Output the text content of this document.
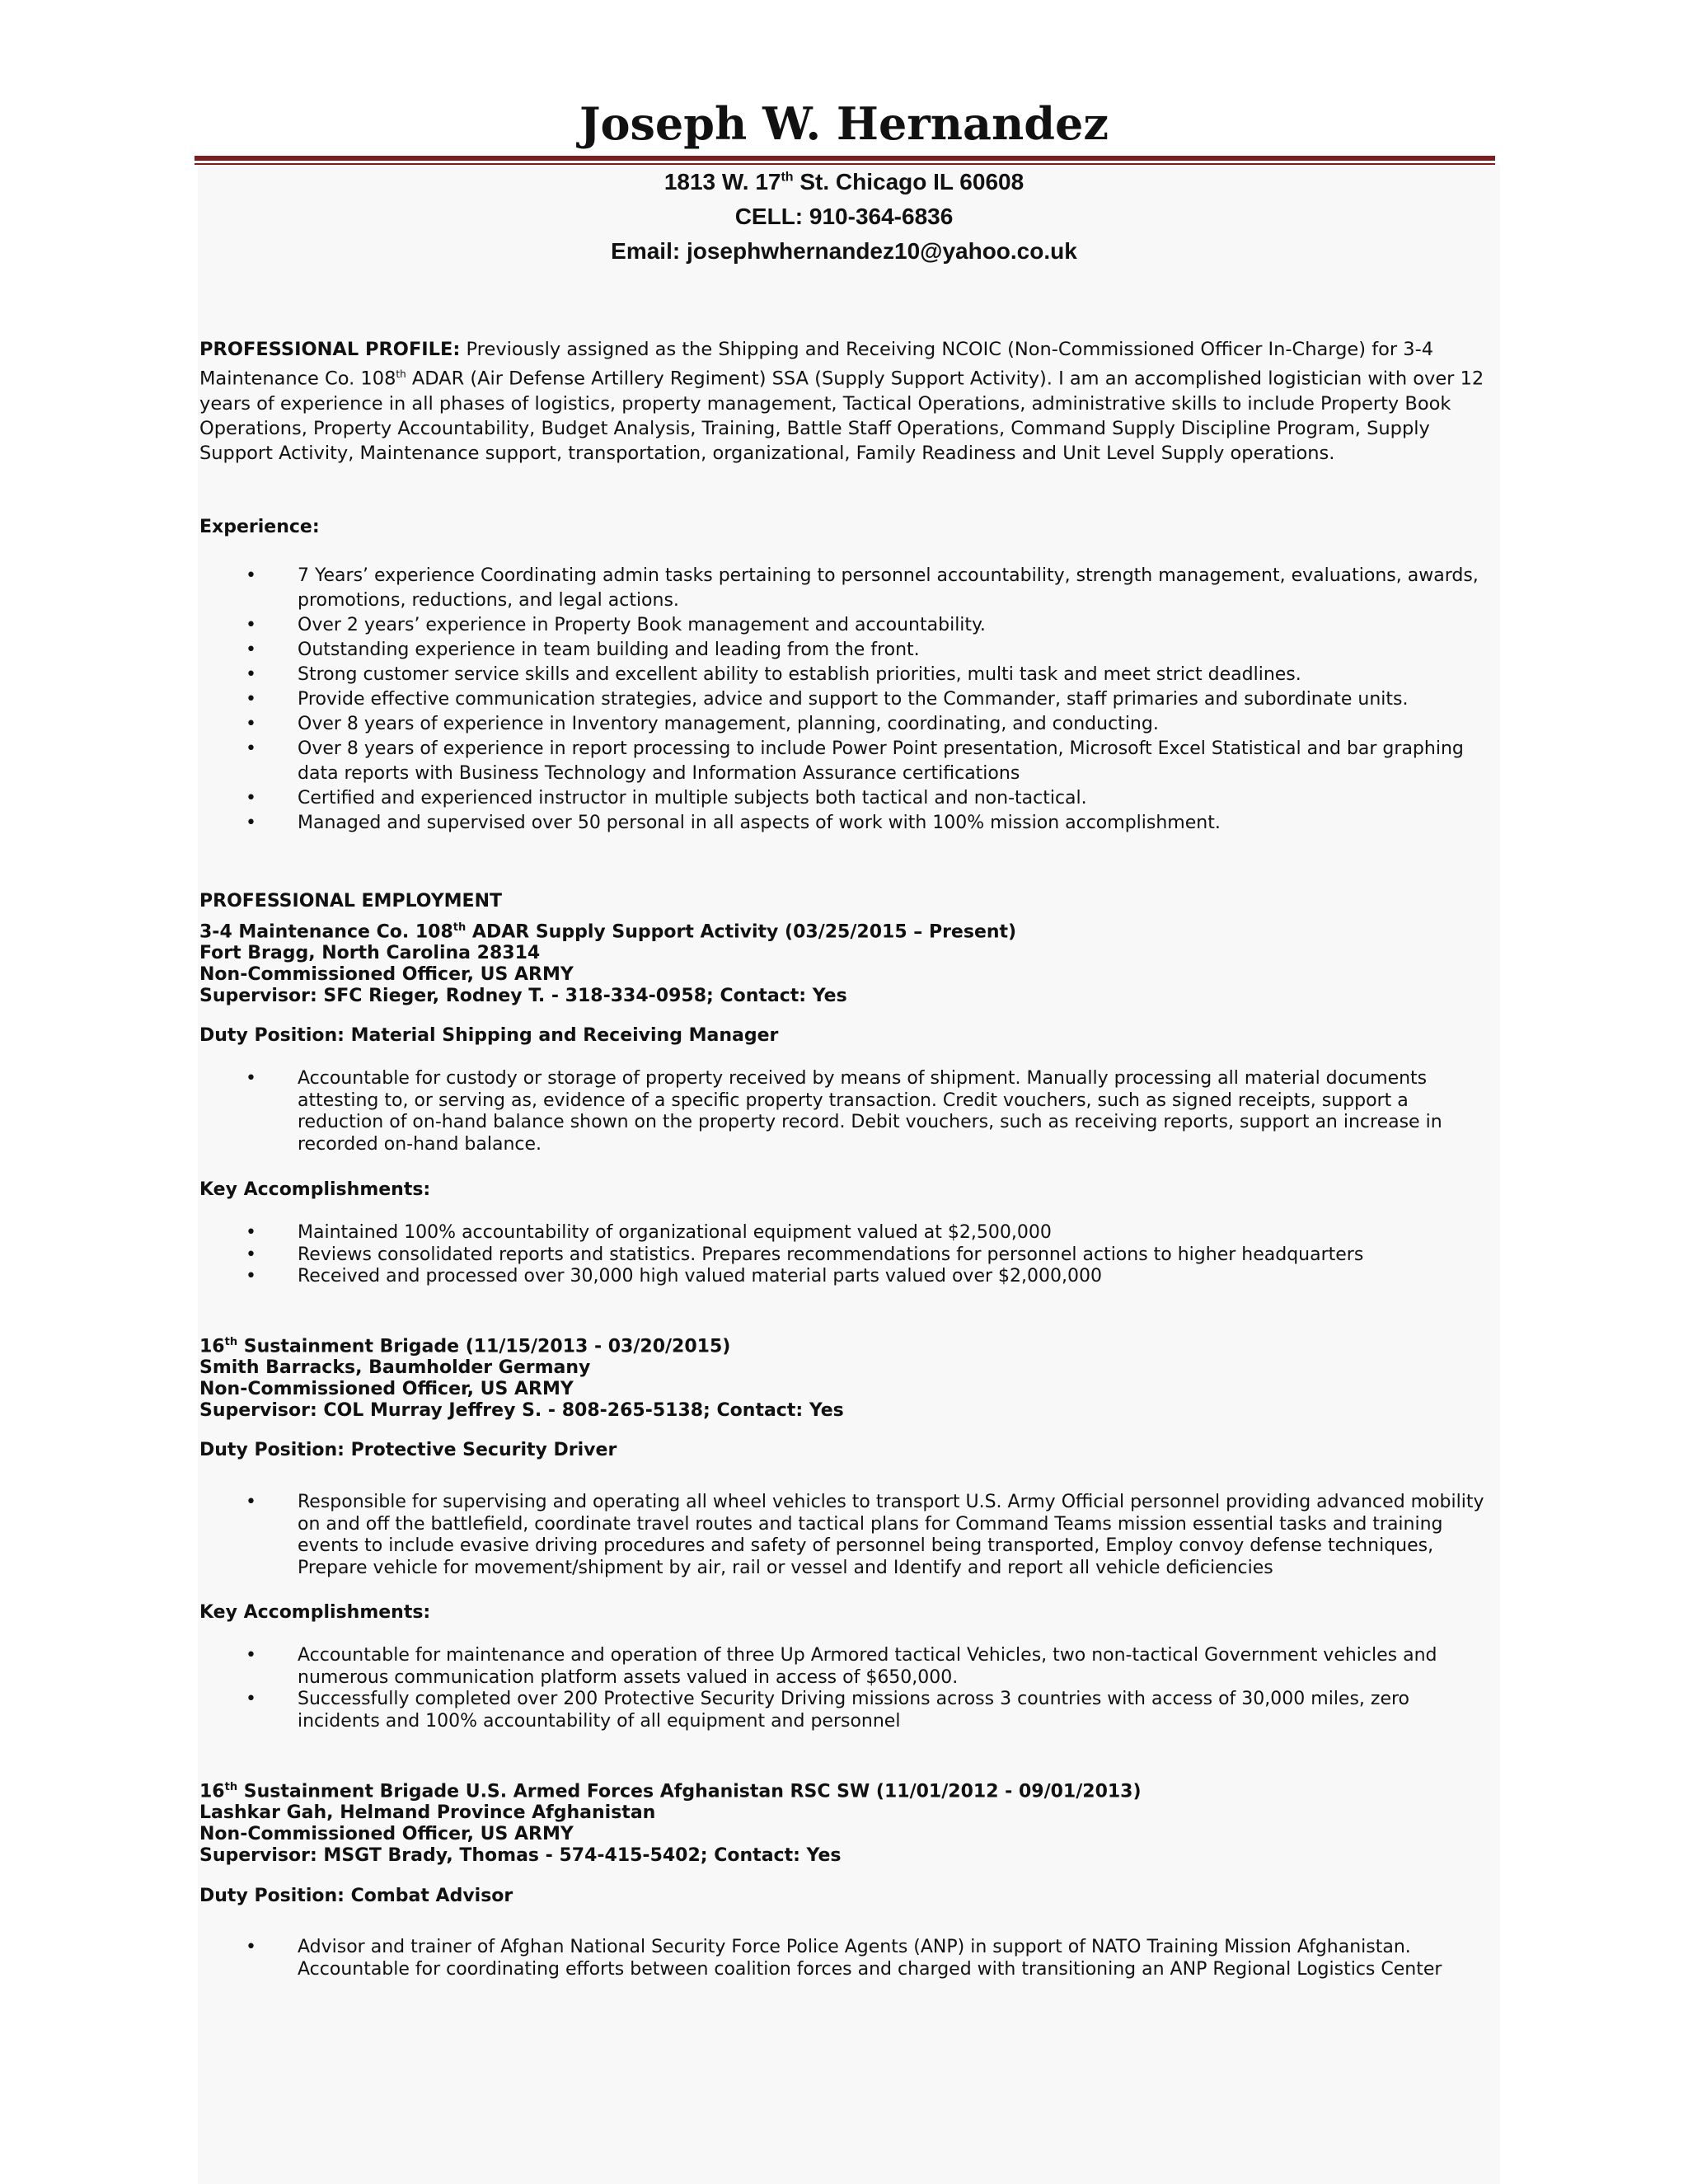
Joseph W. Hernandez
1813 W. 17th St. Chicago IL 60608
CELL: 910-364-6836
Email: josephwhernandez10@yahoo.co.uk
PROFESSIONAL PROFILE: Previously assigned as the Shipping and Receiving NCOIC (Non-Commissioned Officer In-Charge) for 3-4 Maintenance Co. 108th ADAR (Air Defense Artillery Regiment) SSA (Supply Support Activity). I am an accomplished logistician with over 12 years of experience in all phases of logistics, property management, Tactical Operations, administrative skills to include Property Book Operations, Property Accountability, Budget Analysis, Training, Battle Staff Operations, Command Supply Discipline Program, Supply Support Activity, Maintenance support, transportation, organizational, Family Readiness and Unit Level Supply operations.
Experience:
• 7 Years’ experience Coordinating admin tasks pertaining to personnel accountability, strength management, evaluations, awards, promotions, reductions, and legal actions.
• Over 2 years’ experience in Property Book management and accountability.
• Outstanding experience in team building and leading from the front.
• Strong customer service skills and excellent ability to establish priorities, multi task and meet strict deadlines.
• Provide effective communication strategies, advice and support to the Commander, staff primaries and subordinate units.
• Over 8 years of experience in Inventory management, planning, coordinating, and conducting.
• Over 8 years of experience in report processing to include Power Point presentation, Microsoft Excel Statistical and bar graphing data reports with Business Technology and Information Assurance certifications
• Certified and experienced instructor in multiple subjects both tactical and non-tactical.
• Managed and supervised over 50 personal in all aspects of work with 100% mission accomplishment.
PROFESSIONAL EMPLOYMENT

3-4 Maintenance Co. 108th ADAR Supply Support Activity (03/25/2015 – Present)

Fort Bragg, North Carolina 28314

Non-Commissioned Officer, US ARMY

Supervisor: SFC Rieger, Rodney T. - 318-334-0958; Contact: Yes

Duty Position: Material Shipping and Receiving Manager
• Accountable for custody or storage of property received by means of shipment. Manually processing all material documents attesting to, or serving as, evidence of a specific property transaction. Credit vouchers, such as signed receipts, support a reduction of on-hand balance shown on the property record. Debit vouchers, such as receiving reports, support an increase in recorded on-hand balance.
Key Accomplishments:
• Maintained 100% accountability of organizational equipment valued at $2,500,000
• Reviews consolidated reports and statistics. Prepares recommendations for personnel actions to higher headquarters
• Received and processed over 30,000 high valued material parts valued over $2,000,000

16th Sustainment Brigade (11/15/2013 - 03/20/2015)

Smith Barracks, Baumholder Germany

Non-Commissioned Officer, US ARMY

Supervisor: COL Murray Jeffrey S. - 808-265-5138; Contact: Yes

Duty Position: Protective Security Driver
• Responsible for supervising and operating all wheel vehicles to transport U.S. Army Official personnel providing advanced mobility on and off the battlefield, coordinate travel routes and tactical plans for Command Teams mission essential tasks and training events to include evasive driving procedures and safety of personnel being transported, Employ convoy defense techniques, Prepare vehicle for movement/shipment by air, rail or vessel and Identify and report all vehicle deficiencies
Key Accomplishments:
• Accountable for maintenance and operation of three Up Armored tactical Vehicles, two non-tactical Government vehicles and numerous communication platform assets valued in access of $650,000.
• Successfully completed over 200 Protective Security Driving missions across 3 countries with access of 30,000 miles, zero incidents and 100% accountability of all equipment and personnel

16th Sustainment Brigade U.S. Armed Forces Afghanistan RSC SW (11/01/2012 - 09/01/2013)

Lashkar Gah, Helmand Province Afghanistan

Non-Commissioned Officer, US ARMY

Supervisor: MSGT Brady, Thomas - 574-415-5402; Contact: Yes

Duty Position: Combat Advisor
• Advisor and trainer of Afghan National Security Force Police Agents (ANP) in support of NATO Training Mission Afghanistan. Accountable for coordinating efforts between coalition forces and charged with transitioning an ANP Regional Logistics Center
